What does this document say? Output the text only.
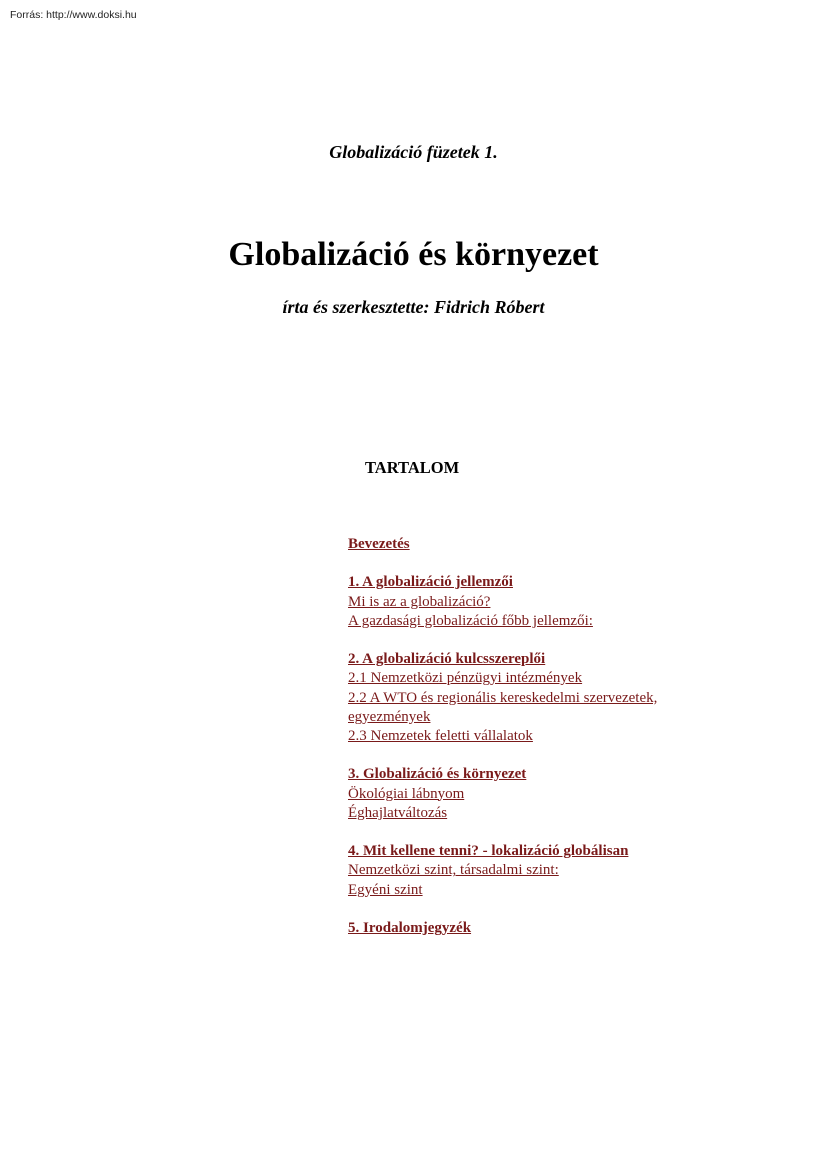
Forrás: http://www.doksi.hu
Globalizáció füzetek 1.
Globalizáció és környezet
írta és szerkesztette: Fidrich Róbert
TARTALOM
Bevezetés
1. A globalizáció jellemzői
Mi is az a globalizáció?
A gazdasági globalizáció főbb jellemzői:
2. A globalizáció kulcsszereplői
2.1 Nemzetközi pénzügyi intézmények
2.2 A WTO és regionális kereskedelmi szervezetek,
egyezmények
2.3 Nemzetek feletti vállalatok
3. Globalizáció és környezet
Ökológiai lábnyom
Éghajlatváltozás
4. Mit kellene tenni? - lokalizáció globálisan
Nemzetközi szint, társadalmi szint:
Egyéni szint
5. Irodalomjegyzék
